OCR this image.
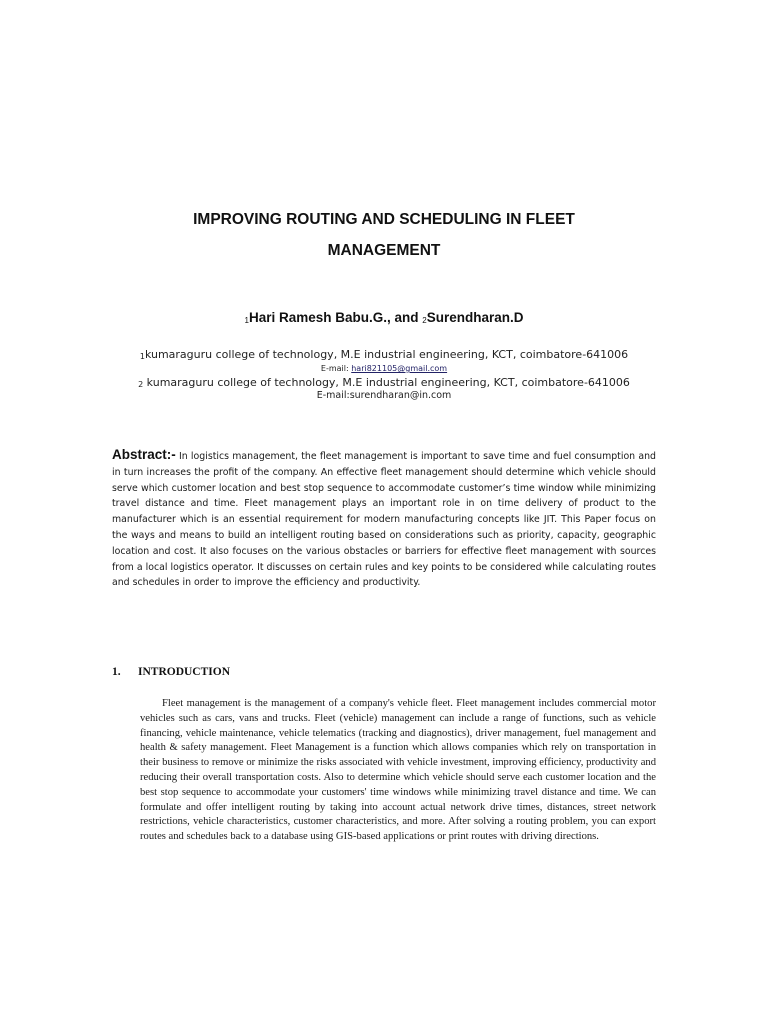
IMPROVING ROUTING AND SCHEDULING IN FLEET
MANAGEMENT
$^1$Hari Ramesh Babu.G., and $^2$Surendharan.D
$^1$kumaraguru college of technology, M.E industrial engineering, KCT, coimbatore-641006
E-mail: hari821105@gmail.com
$^2$ kumaraguru college of technology, M.E industrial engineering, KCT, coimbatore-641006
E-mail:surendharan@in.com

Abstract:- In logistics management, the fleet management is important to save time and fuel consumption and in turn increases the profit of the company. An effective fleet management should determine which vehicle should serve which customer location and best stop sequence to accommodate customer’s time window while minimizing travel distance and time. Fleet management plays an important role in on time delivery of product to the manufacturer which is an essential requirement for modern manufacturing concepts like JIT. This Paper focus on the ways and means to build an intelligent routing based on considerations such as priority, capacity, geographic location and cost. It also focuses on the various obstacles or barriers for effective fleet management with sources from a local logistics operator. It discusses on certain rules and key points to be considered while calculating routes and schedules in order to improve the efficiency and productivity.

1. INTRODUCTION

Fleet management is the management of a company's vehicle fleet. Fleet management includes commercial motor vehicles such as cars, vans and trucks. Fleet (vehicle) management can include a range of functions, such as vehicle financing, vehicle maintenance, vehicle telematics (tracking and diagnostics), driver management, fuel management and health & safety management. Fleet Management is a function which allows companies which rely on transportation in their business to remove or minimize the risks associated with vehicle investment, improving efficiency, productivity and reducing their overall transportation costs. Also to determine which vehicle should serve each customer location and the best stop sequence to accommodate your customers' time windows while minimizing travel distance and time. We can formulate and offer intelligent routing by taking into account actual network drive times, distances, street network restrictions, vehicle characteristics, customer characteristics, and more. After solving a routing problem, you can export routes and schedules back to a database using GIS-based applications or print routes with driving directions.
